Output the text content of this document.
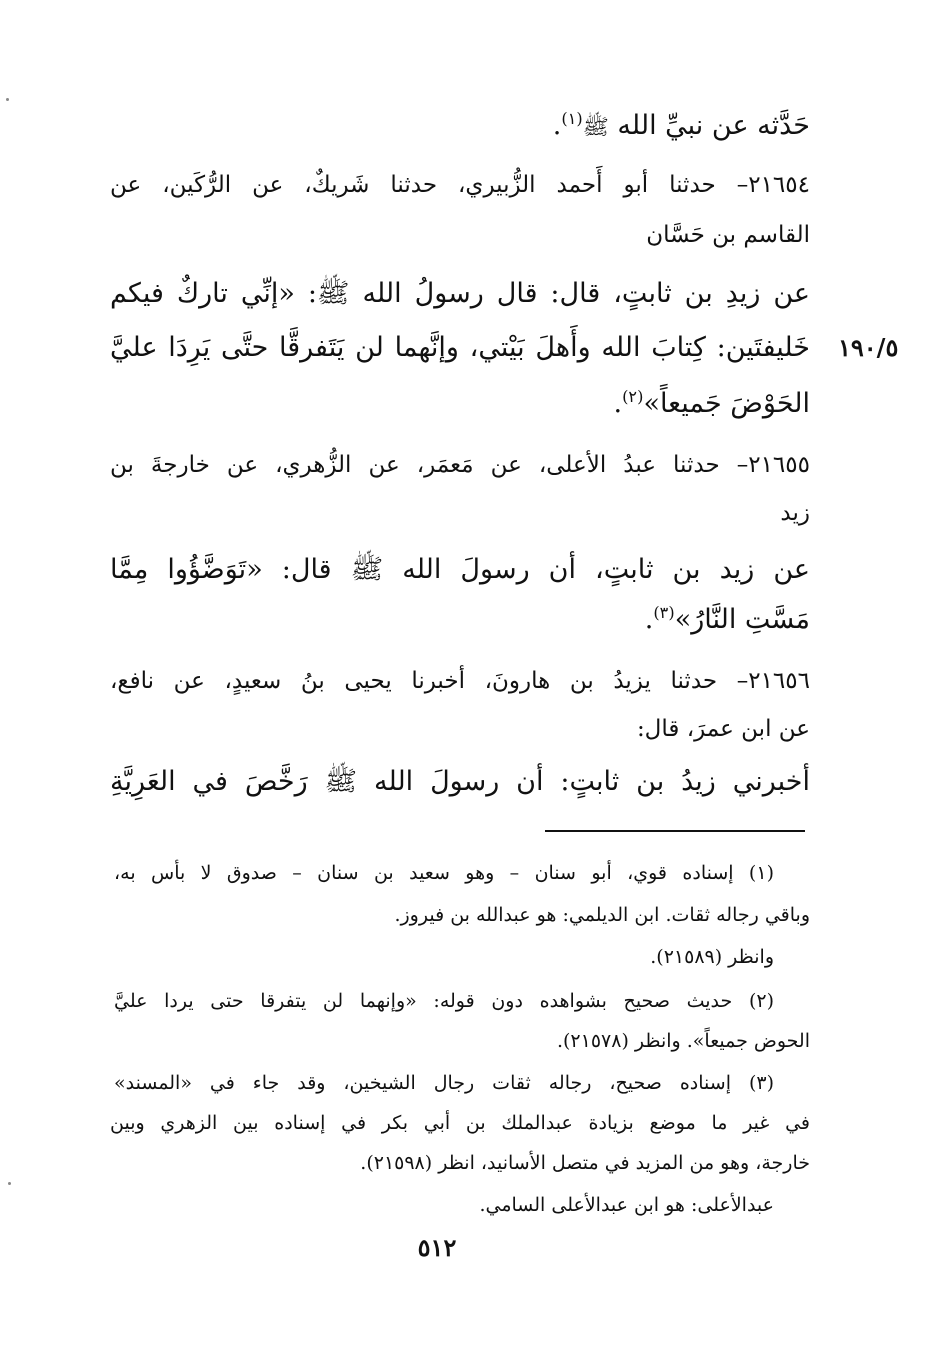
حَدَّثه عن نبيِّ الله ﷺ$^{(١)}$.
٢١٦٥٤– حدثنا أبو أَحمد الزُّبيري، حدثنا شَريكٌ، عن الرُّكَين، عن
القاسم بن حَسَّان
عن زيدِ بن ثابتٍ، قال: قال رسولُ الله ﷺ: «إنِّي تاركٌ فيكم
خَليفتَين: كِتابَ الله وأَهلَ بَيْتي، وإنَّهما لن يَتَفرقَّا حتَّى يَرِدَا عليَّ
الحَوْضَ جَميعاً»$^{(٢)}$.
١٩٠/٥
٢١٦٥٥– حدثنا عبدُ الأعلى، عن مَعمَر، عن الزُّهري، عن خارجةَ بن
زيد
عن زيد بن ثابتٍ، أن رسولَ الله ﷺ قال: «تَوَضَّؤُوا مِمَّا
مَسَّتِ النَّارُ»$^{(٣)}$.
٢١٦٥٦– حدثنا يزيدُ بن هارونَ، أخبرنا يحيى بنُ سعيدٍ، عن نافع،
عن ابن عمرَ، قال:
أخبرني زيدُ بن ثابتٍ: أن رسولَ الله ﷺ رَخَّصَ في العَرِيَّةِ
(١) إسناده قوي، أبو سنان – وهو سعيد بن سنان – صدوق لا بأس به،
وباقي رجاله ثقات. ابن الديلمي: هو عبدالله بن فيروز.
وانظر (٢١٥٨٩).
(٢) حديث صحيح بشواهده دون قوله: «وإنهما لن يتفرقا حتى يردا عليَّ
الحوض جميعاً». وانظر (٢١٥٧٨).
(٣) إسناده صحيح، رجاله ثقات رجال الشيخين، وقد جاء في «المسند»
في غير ما موضع بزيادة عبدالملك بن أبي بكر في إسناده بين الزهري وبين
خارجة، وهو من المزيد في متصل الأسانيد، انظر (٢١٥٩٨).
عبدالأعلى: هو ابن عبدالأعلى السامي.
٥١٢
